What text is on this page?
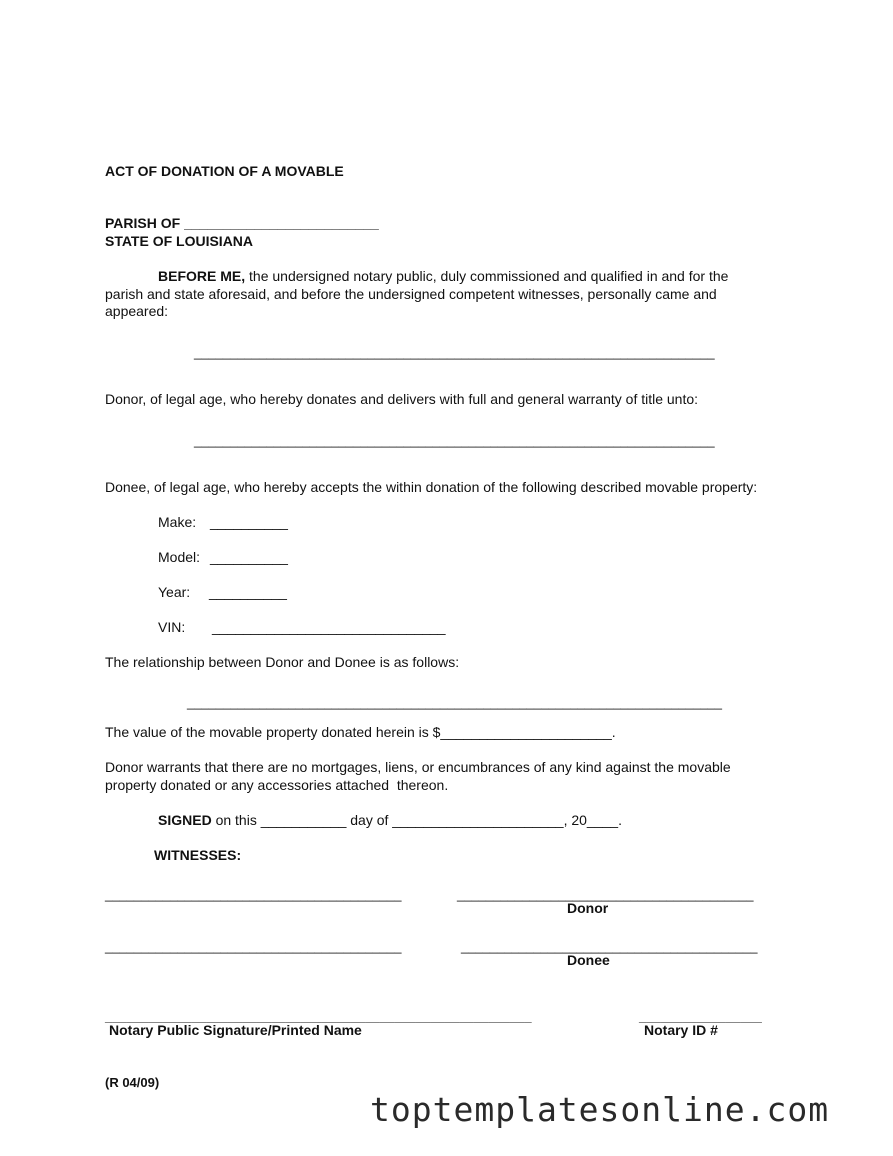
ACT OF DONATION OF A MOVABLE
PARISH OF _________________________
STATE OF LOUISIANA
BEFORE ME, the undersigned notary public, duly commissioned and qualified in and for the
parish and state aforesaid, and before the undersigned competent witnesses, personally came and
appeared:
________________________________________________________________________
Donor, of legal age, who hereby donates and delivers with full and general warranty of title unto:
________________________________________________________________________
Donee, of legal age, who hereby accepts the within donation of the following described movable property:
Make: __________
Model: __________
Year: __________
VIN: ______________________________
The relationship between Donor and Donee is as follows:
__________________________________________________________________________
The value of the movable property donated herein is $______________________.
Donor warrants that there are no mortgages, liens, or encumbrances of any kind against the movable
property donated or any accessories attached  thereon.
SIGNED on this ___________ day of ______________________, 20____.
WITNESSES:
_________________________________________	_________________________________________
Donor
_________________________________________	_________________________________________
Donee
___________________________________________________________	_________________
Notary Public Signature/Printed Name	Notary ID #
(R 04/09)
toptemplatesonline.com
